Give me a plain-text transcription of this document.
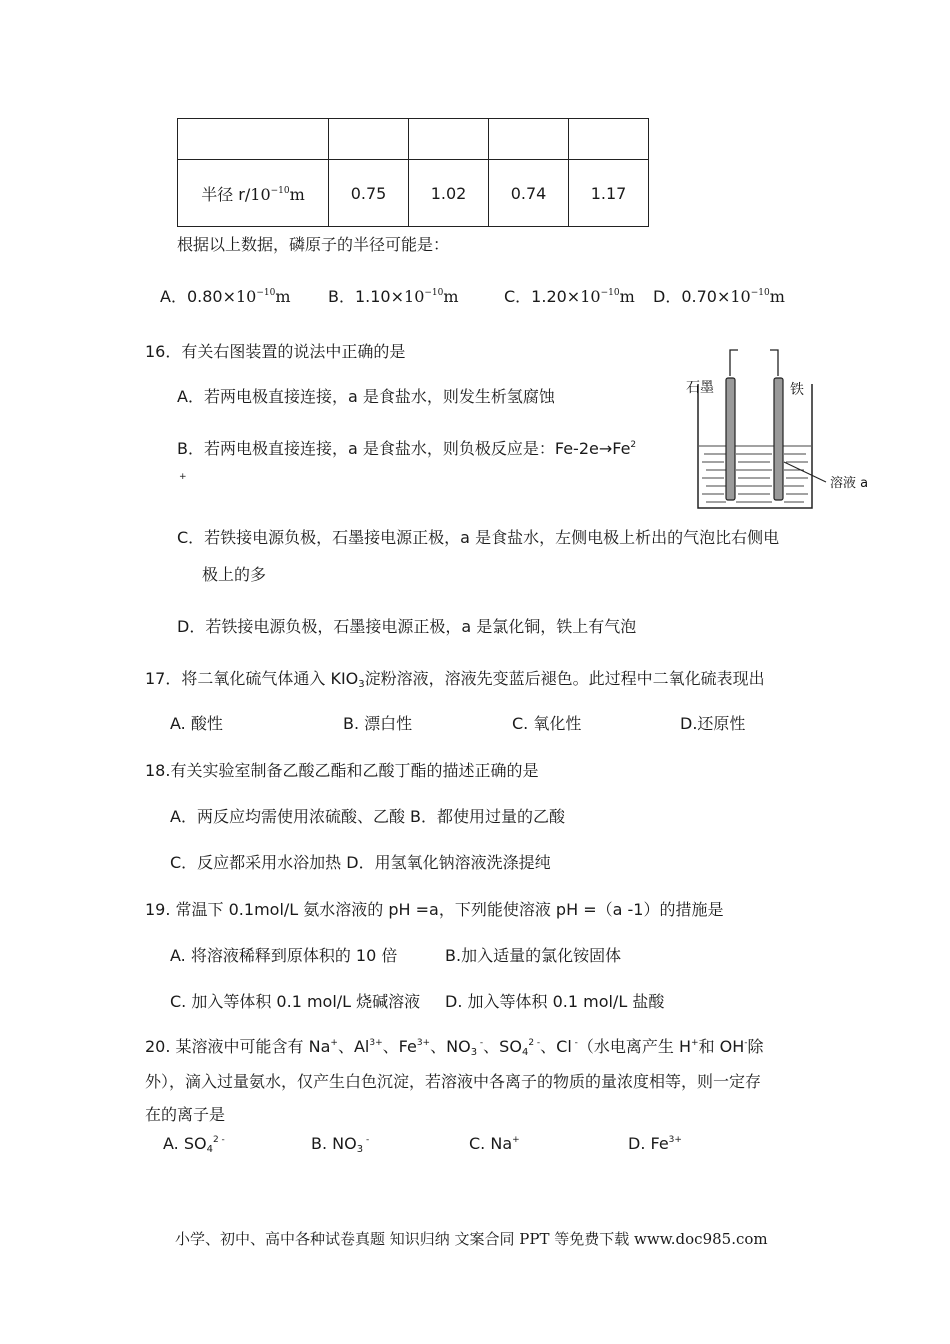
半径 $r/10^{-10}m$	0.75	1.02	0.74	1.17
根据以上数据，磷原子的半径可能是：
A．$0.80\times 10^{-10}m$ B．$1.10\times 10^{-10}m$	C．$1.20\times 10^{-10}m$ D．$0.70\times 10^{-10}m$
16．有关右图装置的说法中正确的是
A．若两电极直接连接，a 是食盐水，则发生析氢腐蚀
B．若两电极直接连接，a 是食盐水，则负极反应是：$Fe-2e\to Fe^2$
+
C．若铁接电源负极，石墨接电源正极，a 是食盐水，左侧电极上析出的气泡比右侧电
极上的多
D．若铁接电源负极，石墨接电源正极，a 是氯化铜，铁上有气泡
石墨	铁
溶液 a
17．将二氧化硫气体通入 $KIO_3$淀粉溶液，溶液先变蓝后褪色。此过程中二氧化硫表现出
A. 酸性	B. 漂白性	C. 氧化性	D.还原性
18.有关实验室制备乙酸乙酯和乙酸丁酯的描述正确的是
A．两反应均需使用浓硫酸、乙酸 B．都使用过量的乙酸
C．反应都采用水浴加热 D．用氢氧化钠溶液洗涤提纯
19. 常温下 0.1mol/L 氨水溶液的 pH =a，下列能使溶液 pH =（a -1）的措施是
A. 将溶液稀释到原体积的 10 倍	B.加入适量的氯化铵固体
C. 加入等体积 0.1 mol/L 烧碱溶液 D. 加入等体积 0.1 mol/L 盐酸
20. 某溶液中可能含有 Na+、$Al^{3+}$、$Fe^{3+}$、$NO_3$ -、$SO_4^{2 -}$、Cl -（水电离产生 H+和 OH-除
外），滴入过量氨水，仅产生白色沉淀，若溶液中各离子的物质的量浓度相等，则一定存
在的离子是
A. $SO_4^{2 -}$	B. $NO_3$ -	C. Na+	D. $Fe^{3+}$
小学、初中、高中各种试卷真题 知识归纳 文案合同 PPT 等免费下载 www.doc985.com
